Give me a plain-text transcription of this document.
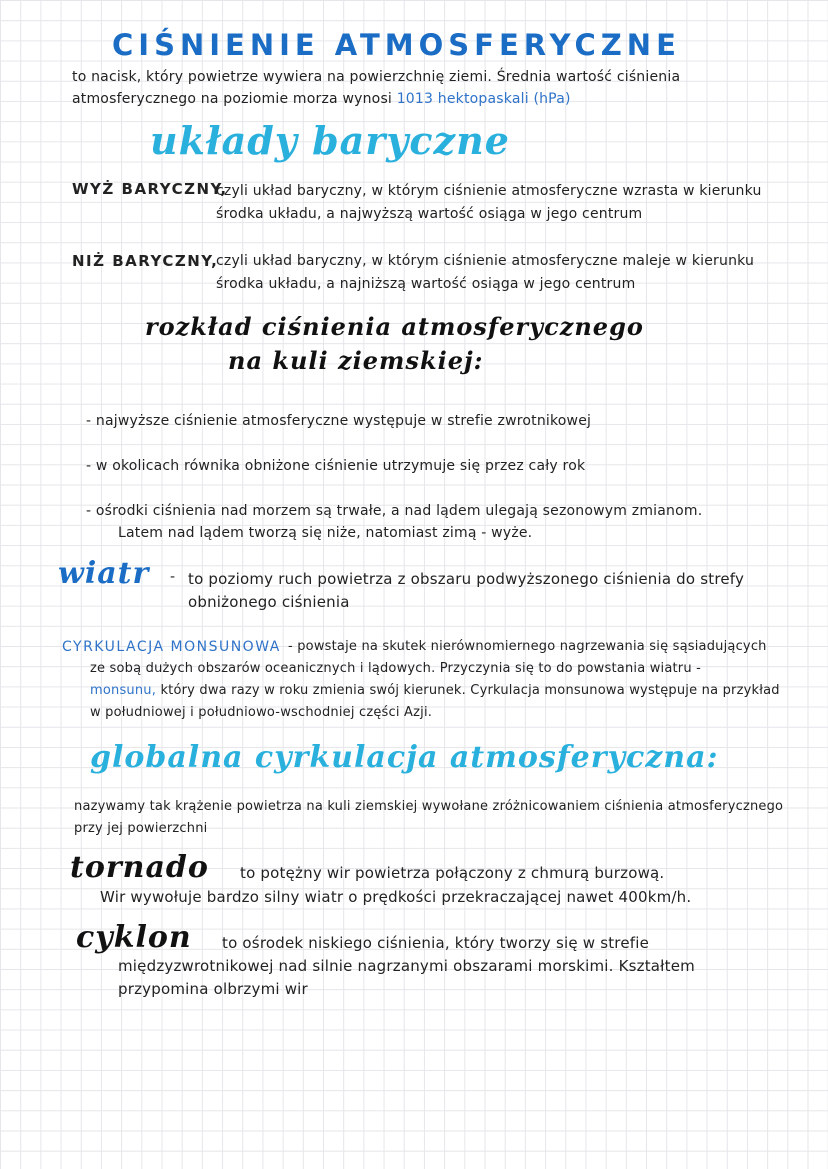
CIŚNIENIE ATMOSFERYCZNE
to nacisk, który powietrze wywiera na powierzchnię ziemi. Średnia wartość ciśnienia
atmosferycznego na poziomie morza wynosi 1013 hektopaskali (hPa)
układy baryczne
WYŻ BARYCZNY,
czyli układ baryczny, w którym ciśnienie atmosferyczne wzrasta w kierunku
środka układu, a najwyższą wartość osiąga w jego centrum
NIŻ BARYCZNY,
czyli układ baryczny, w którym ciśnienie atmosferyczne maleje w kierunku
środka układu, a najniższą wartość osiąga w jego centrum
rozkład ciśnienia atmosferycznego
na kuli ziemskiej:
- najwyższe ciśnienie atmosferyczne występuje w strefie zwrotnikowej
- w okolicach równika obniżone ciśnienie utrzymuje się przez cały rok
- ośrodki ciśnienia nad morzem są trwałe, a nad lądem ulegają sezonowym zmianom.
Latem nad lądem tworzą się niże, natomiast zimą - wyże.
wiatr - to poziomy ruch powietrza z obszaru podwyższonego ciśnienia do strefy
obniżonego ciśnienia
CYRKULACJA MONSUNOWA - powstaje na skutek nierównomiernego nagrzewania się sąsiadujących
ze sobą dużych obszarów oceanicznych i lądowych. Przyczynia się to do powstania wiatru -
monsunu, który dwa razy w roku zmienia swój kierunek. Cyrkulacja monsunowa występuje na przykład
w południowej i południowo-wschodniej części Azji.
globalna cyrkulacja atmosferyczna:
nazywamy tak krążenie powietrza na kuli ziemskiej wywołane zróżnicowaniem ciśnienia atmosferycznego
przy jej powierzchni
tornado to potężny wir powietrza połączony z chmurą burzową.
Wir wywołuje bardzo silny wiatr o prędkości przekraczającej nawet 400km/h.
cyklon to ośrodek niskiego ciśnienia, który tworzy się w strefie
międzyzwrotnikowej nad silnie nagrzanymi obszarami morskimi. Kształtem
przypomina olbrzymi wir
